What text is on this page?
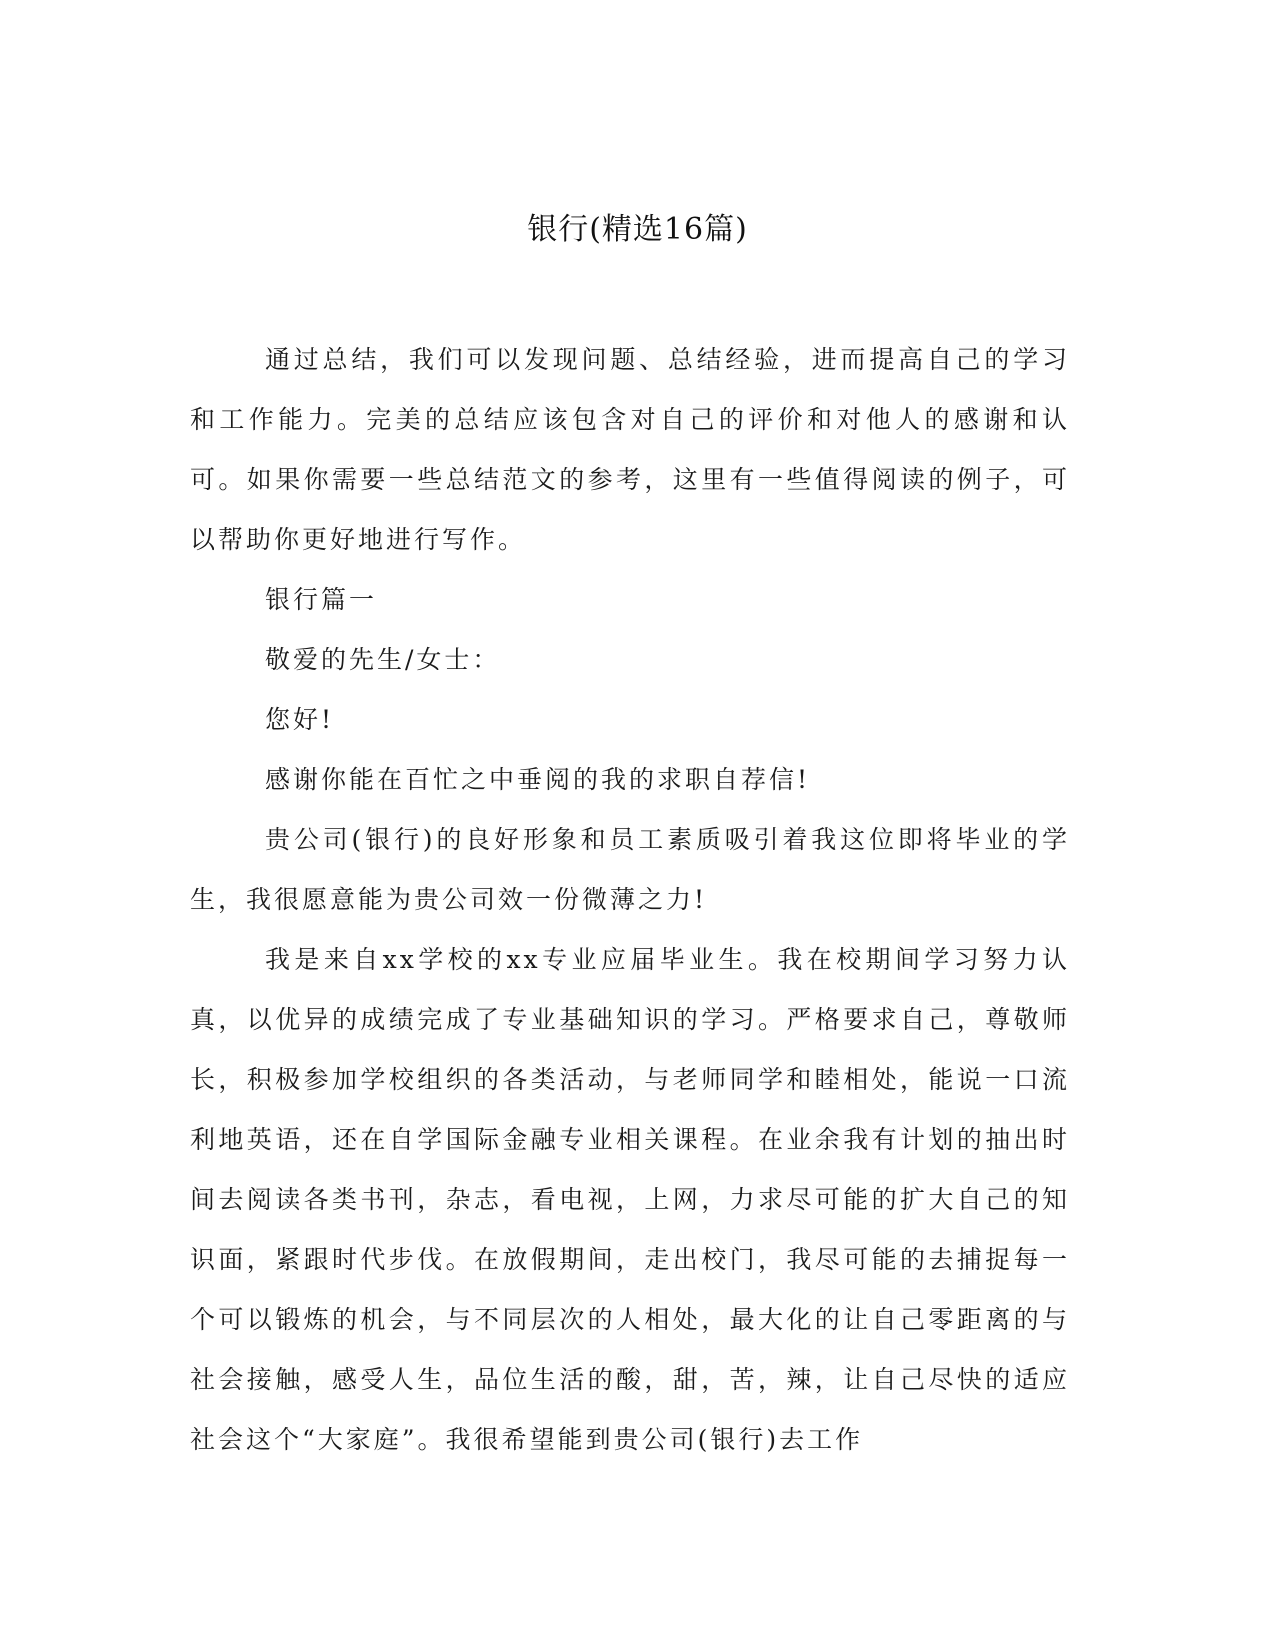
银行(精选16篇)

通过总结，我们可以发现问题、总结经验，进而提高自己的学习和工作能力。完美的总结应该包含对自己的评价和对他人的感谢和认可。如果你需要一些总结范文的参考，这里有一些值得阅读的例子，可以帮助你更好地进行写作。

银行篇一

敬爱的先生/女士：

您好!

感谢你能在百忙之中垂阅的我的求职自荐信!

贵公司(银行)的良好形象和员工素质吸引着我这位即将毕业的学生，我很愿意能为贵公司效一份微薄之力!

我是来自xx学校的xx专业应届毕业生。我在校期间学习努力认真，以优异的成绩完成了专业基础知识的学习。严格要求自己，尊敬师长，积极参加学校组织的各类活动，与老师同学和睦相处，能说一口流利地英语，还在自学国际金融专业相关课程。在业余我有计划的抽出时间去阅读各类书刊，杂志，看电视，上网，力求尽可能的扩大自己的知识面，紧跟时代步伐。在放假期间，走出校门，我尽可能的去捕捉每一个可以锻炼的机会，与不同层次的人相处，最大化的让自己零距离的与社会接触，感受人生，品位生活的酸，甜，苦，辣，让自己尽快的适应社会这个“大家庭”。我很希望能到贵公司(银行)去工作
